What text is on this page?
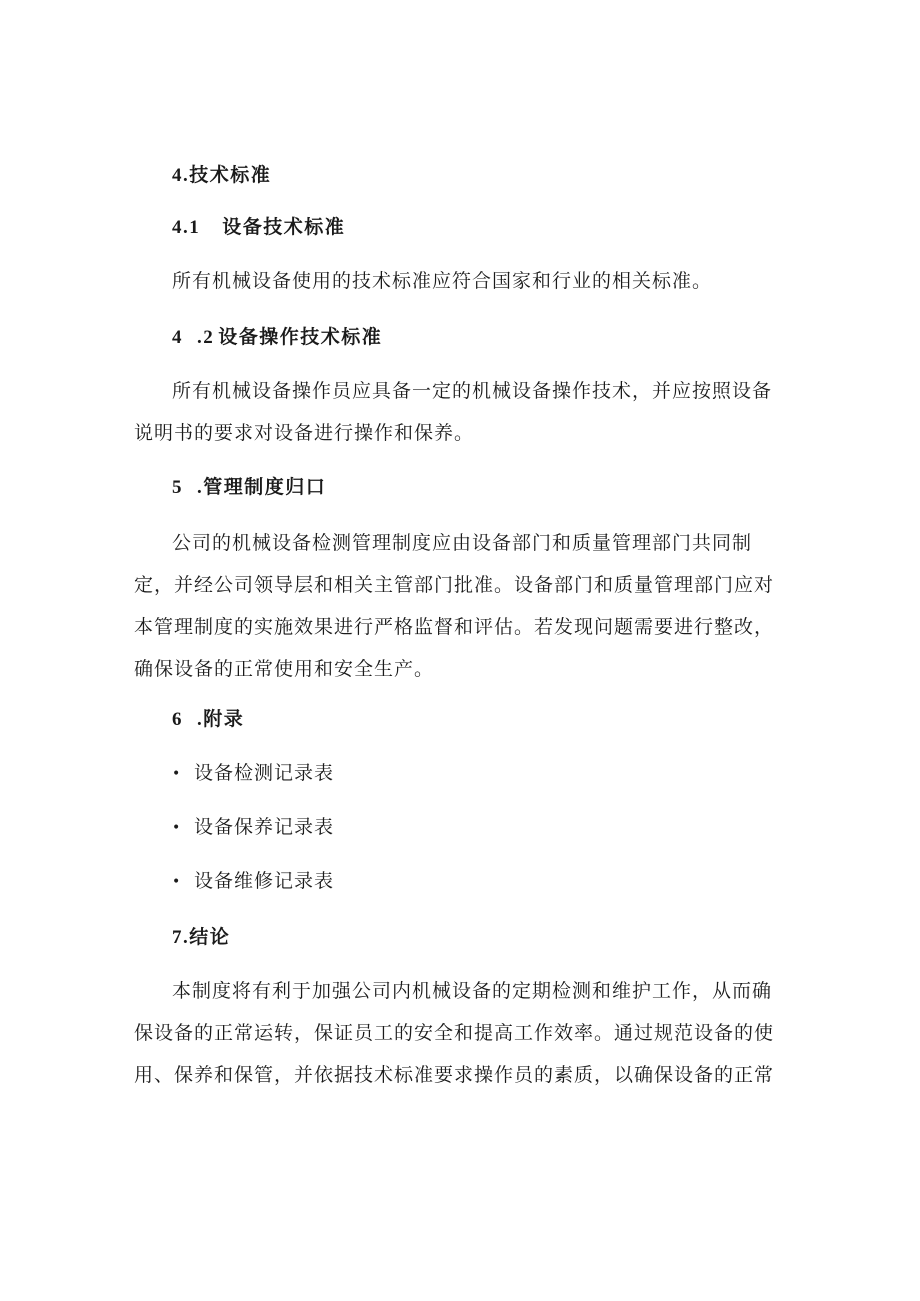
4.技术标准
4.1 设备技术标准
所有机械设备使用的技术标准应符合国家和行业的相关标准。
4 .2 设备操作技术标准
所有机械设备操作员应具备一定的机械设备操作技术，并应按照设备
说明书的要求对设备进行操作和保养。
5 .管理制度归口
公司的机械设备检测管理制度应由设备部门和质量管理部门共同制
定，并经公司领导层和相关主管部门批准。设备部门和质量管理部门应对
本管理制度的实施效果进行严格监督和评估。若发现问题需要进行整改，
确保设备的正常使用和安全生产。
6 .附录
• 设备检测记录表
• 设备保养记录表
• 设备维修记录表
7.结论
本制度将有利于加强公司内机械设备的定期检测和维护工作，从而确
保设备的正常运转，保证员工的安全和提高工作效率。通过规范设备的使
用、保养和保管，并依据技术标准要求操作员的素质，以确保设备的正常
